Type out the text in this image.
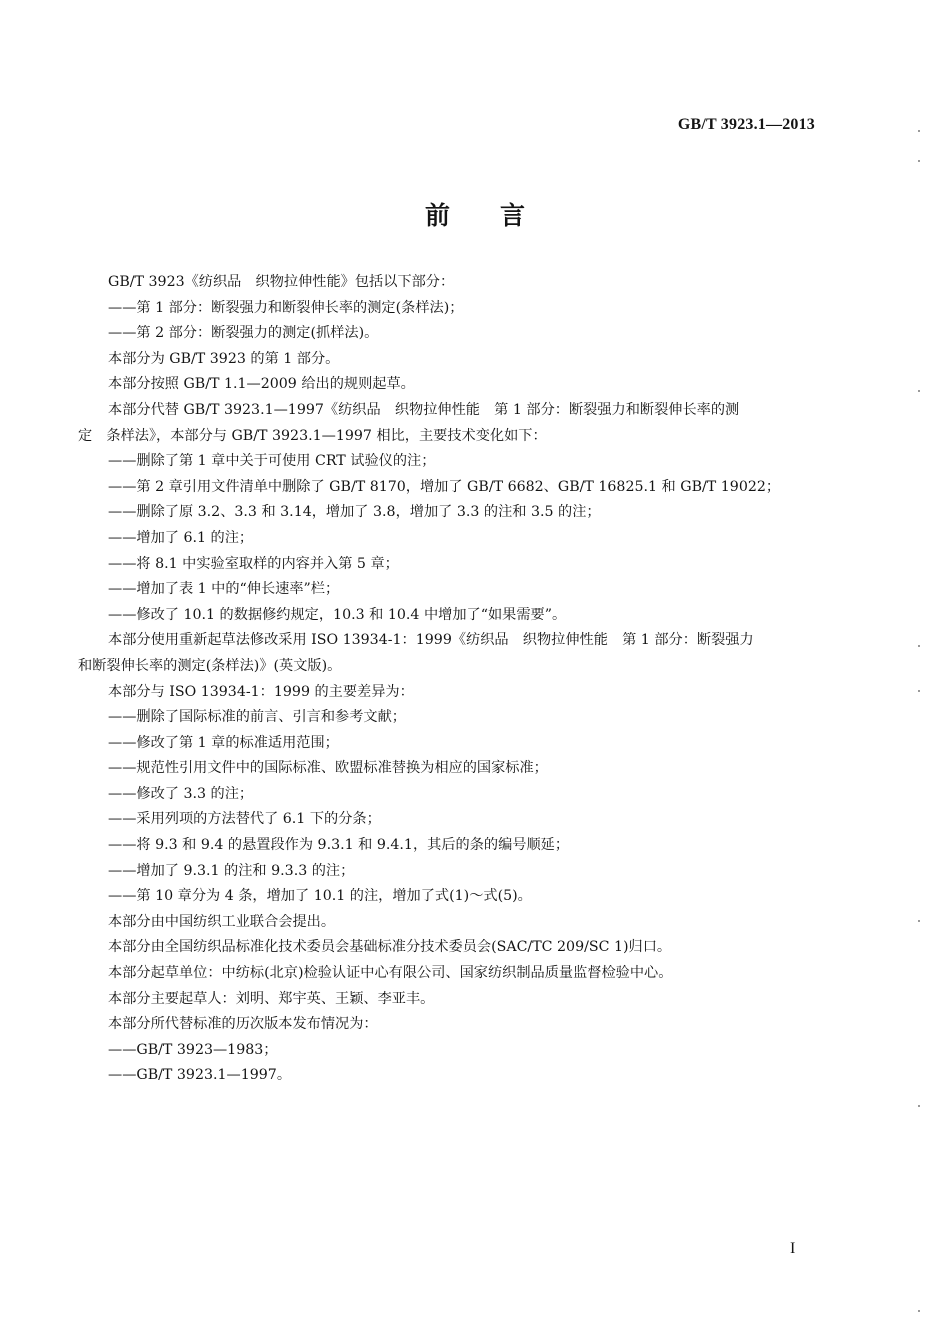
GB/T 3923.1—2013
前言

GB/T 3923《纺织品　织物拉伸性能》包括以下部分：

——第 1 部分：断裂强力和断裂伸长率的测定(条样法)；

——第 2 部分：断裂强力的测定(抓样法)。

本部分为 GB/T 3923 的第 1 部分。

本部分按照 GB/T 1.1—2009 给出的规则起草。

本部分代替 GB/T 3923.1—1997《纺织品　织物拉伸性能　第 1 部分：断裂强力和断裂伸长率的测

定　条样法》，本部分与 GB/T 3923.1—1997 相比，主要技术变化如下：

——删除了第 1 章中关于可使用 CRT 试验仪的注；

——第 2 章引用文件清单中删除了 GB/T 8170，增加了 GB/T 6682、GB/T 16825.1 和 GB/T 19022；

——删除了原 3.2、3.3 和 3.14，增加了 3.8，增加了 3.3 的注和 3.5 的注；

——增加了 6.1 的注；

——将 8.1 中实验室取样的内容并入第 5 章；

——增加了表 1 中的“伸长速率”栏；

——修改了 10.1 的数据修约规定，10.3 和 10.4 中增加了“如果需要”。

本部分使用重新起草法修改采用 ISO 13934-1：1999《纺织品　织物拉伸性能　第 1 部分：断裂强力

和断裂伸长率的测定(条样法)》(英文版)。

本部分与 ISO 13934-1：1999 的主要差异为：

——删除了国际标准的前言、引言和参考文献；

——修改了第 1 章的标准适用范围；

——规范性引用文件中的国际标准、欧盟标准替换为相应的国家标准；

——修改了 3.3 的注；

——采用列项的方法替代了 6.1 下的分条；

——将 9.3 和 9.4 的悬置段作为 9.3.1 和 9.4.1，其后的条的编号顺延；

——增加了 9.3.1 的注和 9.3.3 的注；

——第 10 章分为 4 条，增加了 10.1 的注，增加了式(1)～式(5)。

本部分由中国纺织工业联合会提出。

本部分由全国纺织品标准化技术委员会基础标准分技术委员会(SAC/TC 209/SC 1)归口。

本部分起草单位：中纺标(北京)检验认证中心有限公司、国家纺织制品质量监督检验中心。

本部分主要起草人：刘明、郑宇英、王颖、李亚丰。

本部分所代替标准的历次版本发布情况为：

——GB/T 3923—1983；

——GB/T 3923.1—1997。

I
